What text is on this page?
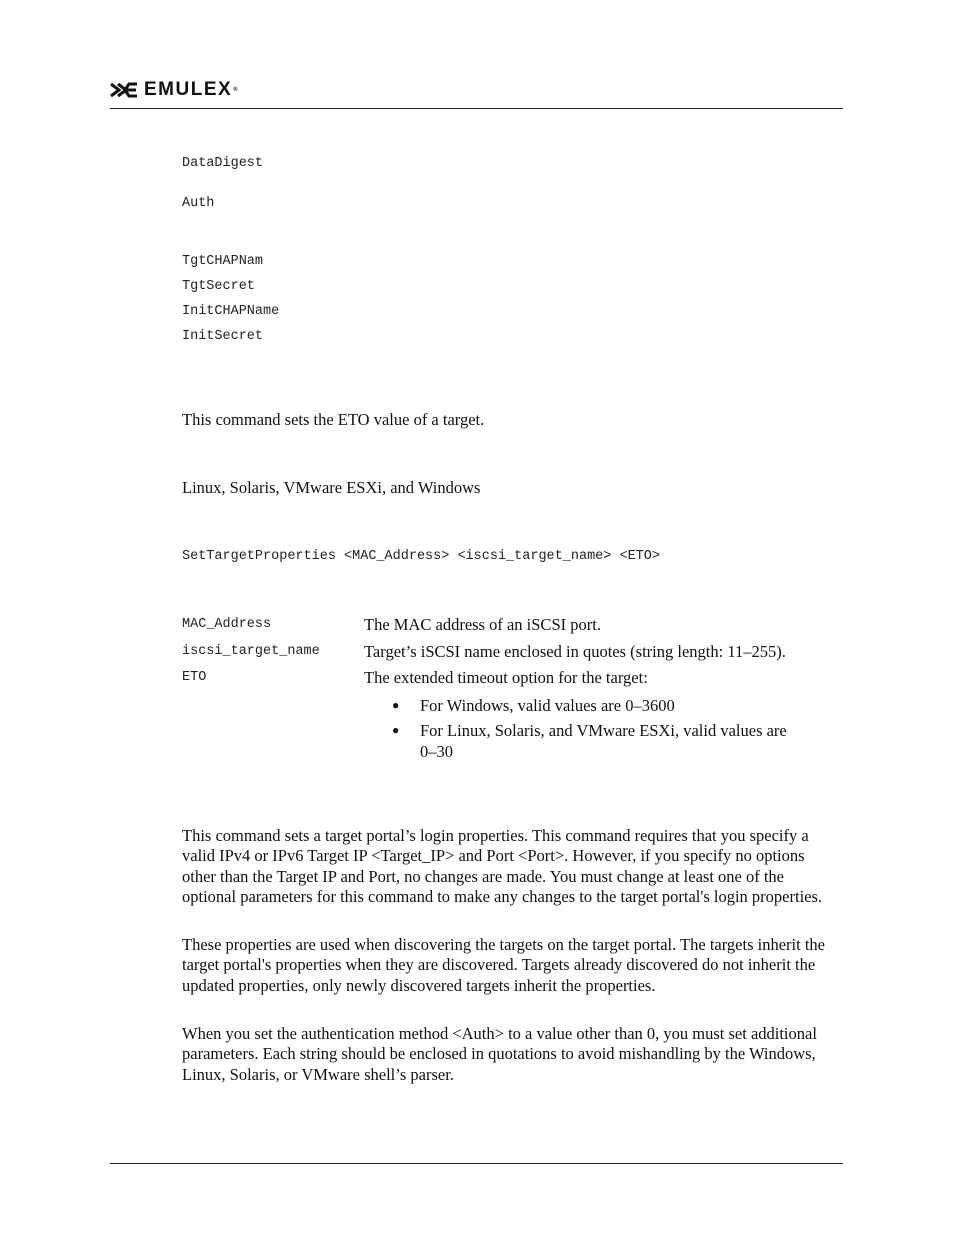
EMULEX®
DataDigest
Auth
TgtCHAPNam
TgtSecret
InitCHAPName
InitSecret
This command sets the ETO value of a target.
Linux, Solaris, VMware ESXi, and Windows
SetTargetProperties <MAC_Address> <iscsi_target_name> <ETO>
MAC_Address	The MAC address of an iSCSI port.
iscsi_target_name	Target’s iSCSI name enclosed in quotes (string length: 11–255).
ETO	The extended timeout option for the target:
● For Windows, valid values are 0–3600
● For Linux, Solaris, and VMware ESXi, valid values are
0–30

This command sets a target portal’s login properties. This command requires that you specify a valid IPv4 or IPv6 Target IP <Target_IP> and Port <Port>. However, if you specify no options other than the Target IP and Port, no changes are made. You must change at least one of the optional parameters for this command to make any changes to the target portal's login properties.

These properties are used when discovering the targets on the target portal. The targets inherit the target portal's properties when they are discovered. Targets already discovered do not inherit the updated properties, only newly discovered targets inherit the properties.

When you set the authentication method <Auth> to a value other than 0, you must set additional parameters. Each string should be enclosed in quotations to avoid mishandling by the Windows, Linux, Solaris, or VMware shell’s parser.
